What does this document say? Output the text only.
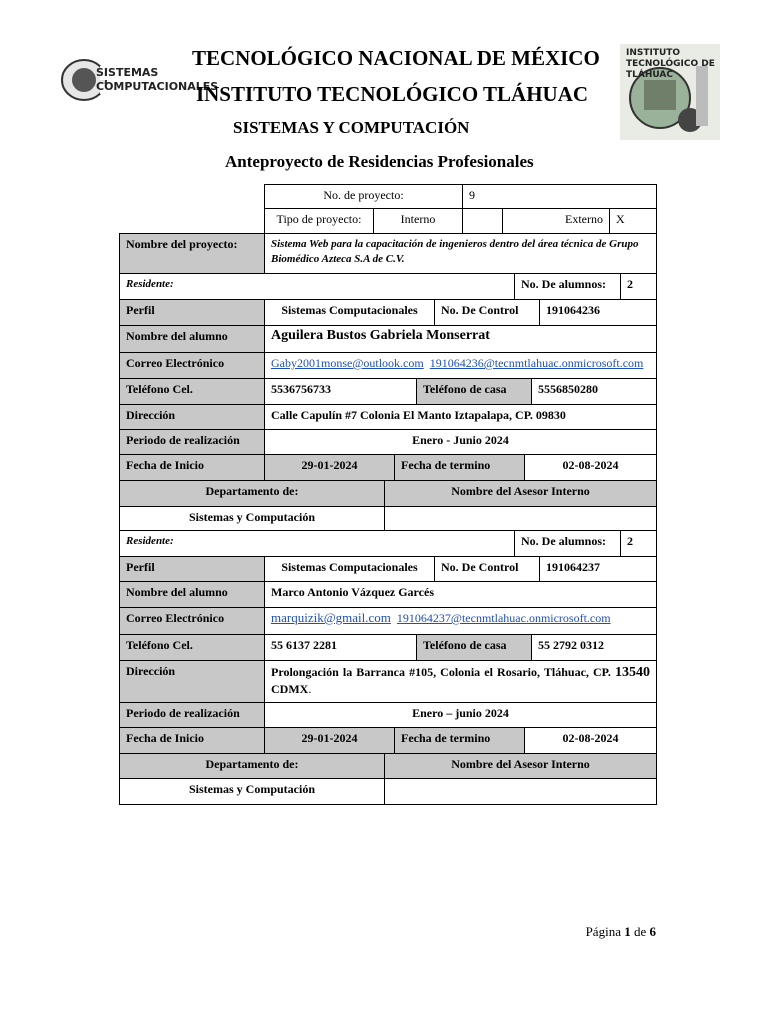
SISTEMAS COMPUTACIONALES
TECNOLÓGICO NACIONAL DE MÉXICO
INSTITUTO TECNOLÓGICO TLÁHUAC
SISTEMAS Y COMPUTACIÓN
Anteproyecto de Residencias Profesionales
INSTITUTO TECNOLÓGICO DE TLÁHUAC
No. de proyecto:	9
Tipo de proyecto:	Interno	Externo	X
Nombre del proyecto:	Sistema Web para la capacitación de ingenieros dentro del área técnica de Grupo Biomédico Azteca S.A de C.V.
Residente:	No. De alumnos:	2
Perfil	Sistemas Computacionales	No. De Control	191064236
Nombre del alumno	Aguilera Bustos Gabriela Monserrat
Correo Electrónico	Gaby2001monse@outlook.com 191064236@tecnmtlahuac.onmicrosoft.com
Teléfono Cel.	5536756733	Teléfono de casa	5556850280
Dirección	Calle Capulín #7 Colonia El Manto Iztapalapa, CP. 09830
Periodo de realización	Enero - Junio 2024
Fecha de Inicio	29-01-2024	Fecha de termino	02-08-2024
Departamento de:	Nombre del Asesor Interno
Sistemas y Computación
Residente:	No. De alumnos:	2
Perfil	Sistemas Computacionales	No. De Control	191064237
Nombre del alumno	Marco Antonio Vázquez Garcés
Correo Electrónico	marquizik@gmail.com 191064237@tecnmtlahuac.onmicrosoft.com
Teléfono Cel.	55 6137 2281	Teléfono de casa	55 2792 0312
Dirección	Prolongación la Barranca #105, Colonia el Rosario, Tláhuac, CP. 13540 CDMX.
Periodo de realización	Enero – junio 2024
Fecha de Inicio	29-01-2024	Fecha de termino	02-08-2024
Departamento de:	Nombre del Asesor Interno
Sistemas y Computación
Página 1 de 6
